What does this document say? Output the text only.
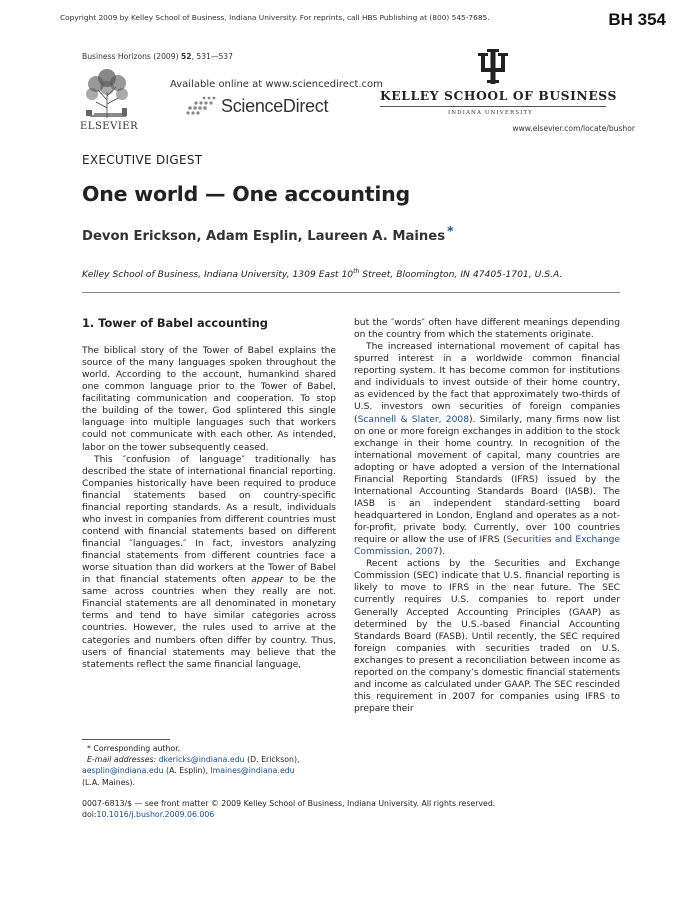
Copyright 2009 by Kelley School of Business, Indiana University. For reprints, call HBS Publishing at (800) 545-7685.	BH 354
Business Horizons (2009) 52, 531—537
ELSEVIER
Available online at www.sciencedirect.com
ScienceDirect
KELLEY SCHOOL OF BUSINESS
INDIANA UNIVERSITY
www.elsevier.com/locate/bushor
EXECUTIVE DIGEST
One world — One accounting
Devon Erickson, Adam Esplin, Laureen A. Maines *
Kelley School of Business, Indiana University, 1309 East 10th Street, Bloomington, IN 47405-1701, U.S.A.
1. Tower of Babel accounting

The biblical story of the Tower of Babel explains the source of the many languages spoken throughout the world. According to the account, humankind shared one common language prior to the Tower of Babel, facilitating communication and cooperation. To stop the building of the tower, God splintered this single language into multiple languages such that workers could not communicate with each other. As intended, labor on the tower subsequently ceased.

This ″confusion of language″ traditionally has described the state of international financial reporting. Companies historically have been required to produce financial statements based on country-specific financial reporting standards. As a result, individuals who invest in companies from different countries must contend with financial statements based on different financial ″languages.″ In fact, investors analyzing financial statements from different countries face a worse situation than did workers at the Tower of Babel in that financial statements often appear to be the same across countries when they really are not. Financial statements are all denominated in monetary terms and tend to have similar categories across countries. However, the rules used to arrive at the categories and numbers often differ by country. Thus, users of financial statements may believe that the statements reflect the same financial language,

but the ″words″ often have different meanings depending on the country from which the statements originate.

The increased international movement of capital has spurred interest in a worldwide common financial reporting system. It has become common for institutions and individuals to invest outside of their home country, as evidenced by the fact that approximately two-thirds of U.S. investors own securities of foreign companies (Scannell & Slater, 2008). Similarly, many firms now list on one or more foreign exchanges in addition to the stock exchange in their home country. In recognition of the international movement of capital, many countries are adopting or have adopted a version of the International Financial Reporting Standards (IFRS) issued by the International Accounting Standards Board (IASB). The IASB is an independent standard-setting board headquartered in London, England and operates as a not-for-profit, private body. Currently, over 100 countries require or allow the use of IFRS (Securities and Exchange Commission, 2007).

Recent actions by the Securities and Exchange Commission (SEC) indicate that U.S. financial reporting is likely to move to IFRS in the near future. The SEC currently requires U.S. companies to report under Generally Accepted Accounting Principles (GAAP) as determined by the U.S.-based Financial Accounting Standards Board (FASB). Until recently, the SEC required foreign companies with securities traded on U.S. exchanges to present a reconciliation between income as reported on the company’s domestic financial statements and income as calculated under GAAP. The SEC rescinded this requirement in 2007 for companies using IFRS to prepare their

* Corresponding author.
E-mail addresses: dkericks@indiana.edu (D. Erickson),
aesplin@indiana.edu (A. Esplin), lmaines@indiana.edu
(L.A. Maines).
0007-6813/$ — see front matter © 2009 Kelley School of Business, Indiana University. All rights reserved.
doi:10.1016/j.bushor.2009.06.006
